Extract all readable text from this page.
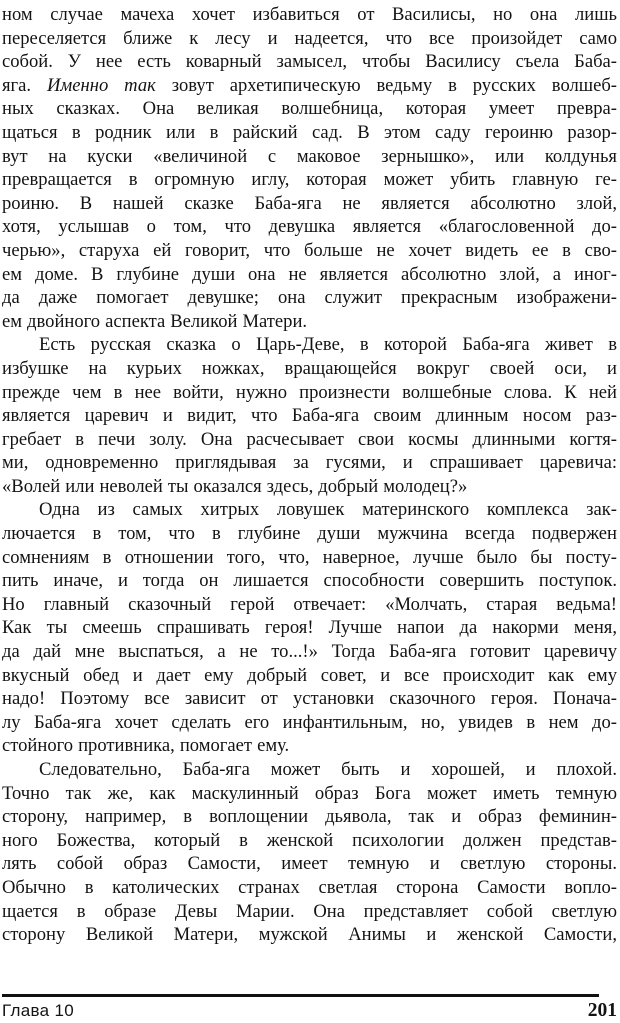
ном случае мачеха хочет избавиться от Василисы, но она лишь
переселяется ближе к лесу и надеется, что все произойдет само
собой. У нее есть коварный замысел, чтобы Василису съела Баба-
яга. Именно так зовут архетипическую ведьму в русских волшеб-
ных сказках. Она великая волшебница, которая умеет превра-
щаться в родник или в райский сад. В этом саду героиню разор-
вут на куски «величиной с маковое зернышко», или колдунья
превращается в огромную иглу, которая может убить главную ге-
роиню. В нашей сказке Баба-яга не является абсолютно злой,
хотя, услышав о том, что девушка является «благословенной до-
черью», старуха ей говорит, что больше не хочет видеть ее в сво-
ем доме. В глубине души она не является абсолютно злой, а иног-
да даже помогает девушке; она служит прекрасным изображени-
ем двойного аспекта Великой Матери.
Есть русская сказка о Царь-Деве, в которой Баба-яга живет в
избушке на курьих ножках, вращающейся вокруг своей оси, и
прежде чем в нее войти, нужно произнести волшебные слова. К ней
является царевич и видит, что Баба-яга своим длинным носом раз-
гребает в печи золу. Она расчесывает свои космы длинными когтя-
ми, одновременно приглядывая за гусями, и спрашивает царевича:
«Волей или неволей ты оказался здесь, добрый молодец?»
Одна из самых хитрых ловушек материнского комплекса зак-
лючается в том, что в глубине души мужчина всегда подвержен
сомнениям в отношении того, что, наверное, лучше было бы посту-
пить иначе, и тогда он лишается способности совершить поступок.
Но главный сказочный герой отвечает: «Молчать, старая ведьма!
Как ты смеешь спрашивать героя! Лучше напои да накорми меня,
да дай мне выспаться, а не то...!» Тогда Баба-яга готовит царевичу
вкусный обед и дает ему добрый совет, и все происходит как ему
надо! Поэтому все зависит от установки сказочного героя. Понача-
лу Баба-яга хочет сделать его инфантильным, но, увидев в нем до-
стойного противника, помогает ему.
Следовательно, Баба-яга может быть и хорошей, и плохой.
Точно так же, как маскулинный образ Бога может иметь темную
сторону, например, в воплощении дьявола, так и образ феминин-
ного Божества, который в женской психологии должен представ-
лять собой образ Самости, имеет темную и светлую стороны.
Обычно в католических странах светлая сторона Самости вопло-
щается в образе Девы Марии. Она представляет собой светлую
сторону Великой Матери, мужской Анимы и женской Самости,
Глава 10	201
